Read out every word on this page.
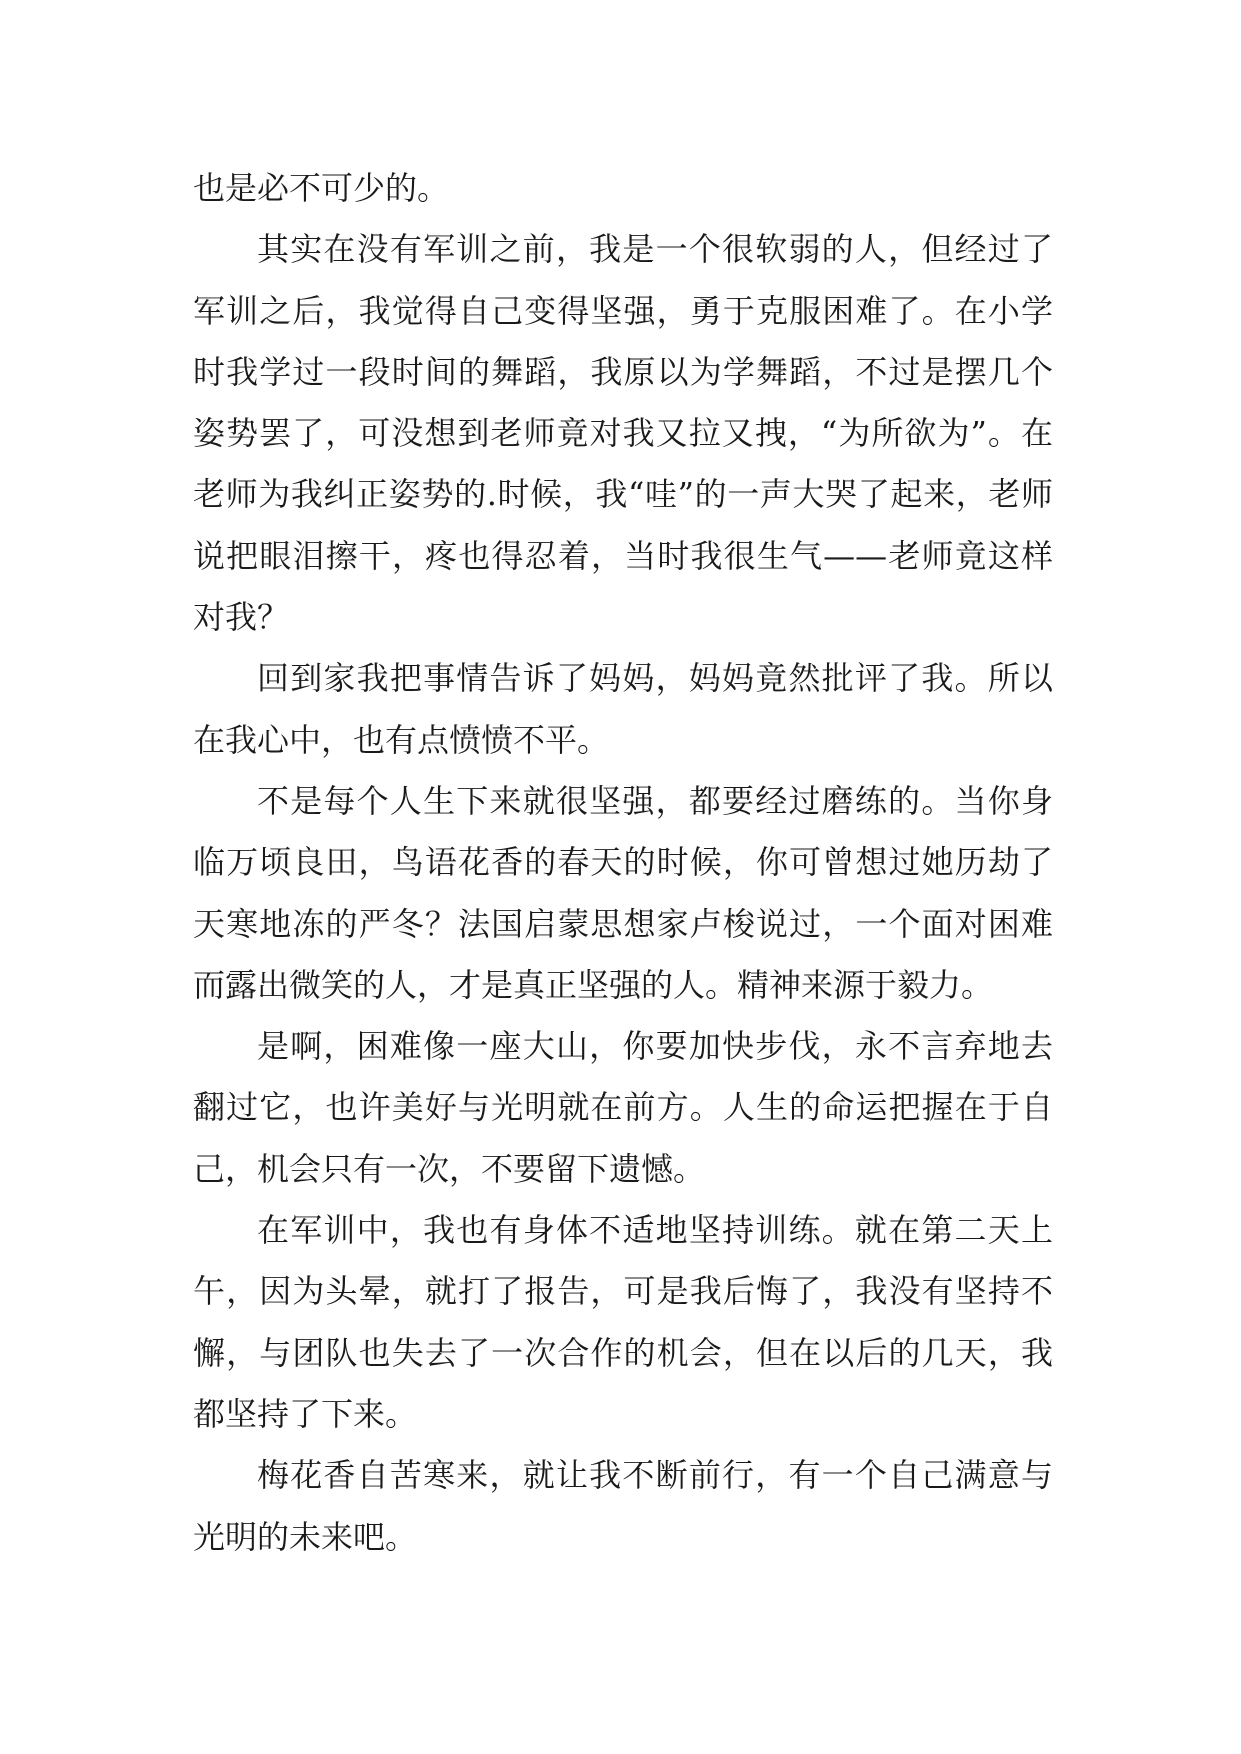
也是必不可少的。

其实在没有军训之前，我是一个很软弱的人，但经过了军训之后，我觉得自己变得坚强，勇于克服困难了。在小学时我学过一段时间的舞蹈，我原以为学舞蹈，不过是摆几个姿势罢了，可没想到老师竟对我又拉又拽，“为所欲为”。在老师为我纠正姿势的.时候，我“哇”的一声大哭了起来，老师说把眼泪擦干，疼也得忍着，当时我很生气——老师竟这样对我？

回到家我把事情告诉了妈妈，妈妈竟然批评了我。所以在我心中，也有点愤愤不平。

不是每个人生下来就很坚强，都要经过磨练的。当你身临万顷良田，鸟语花香的春天的时候，你可曾想过她历劫了天寒地冻的严冬？法国启蒙思想家卢梭说过，一个面对困难而露出微笑的人，才是真正坚强的人。精神来源于毅力。

是啊，困难像一座大山，你要加快步伐，永不言弃地去翻过它，也许美好与光明就在前方。人生的命运把握在于自己，机会只有一次，不要留下遗憾。

在军训中，我也有身体不适地坚持训练。就在第二天上午，因为头晕，就打了报告，可是我后悔了，我没有坚持不懈，与团队也失去了一次合作的机会，但在以后的几天，我都坚持了下来。

梅花香自苦寒来，就让我不断前行，有一个自己满意与光明的未来吧。
